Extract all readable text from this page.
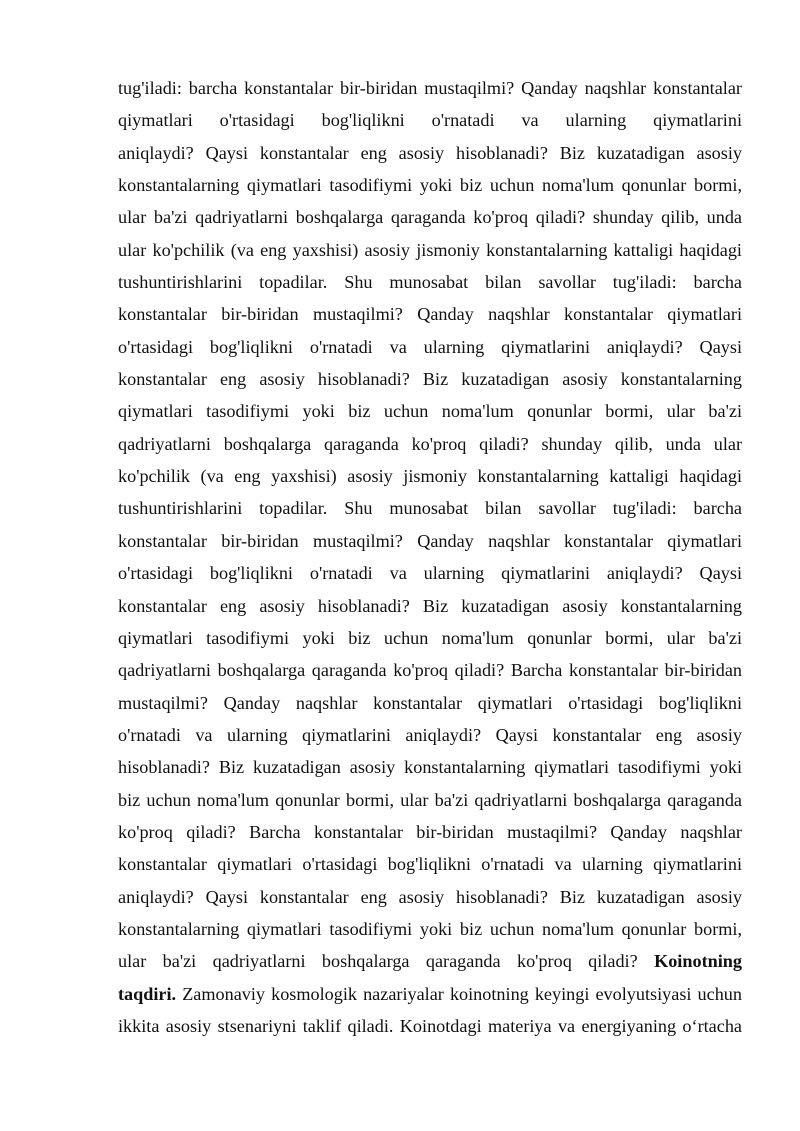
tug'iladi: barcha konstantalar bir-biridan mustaqilmi? Qanday naqshlar konstantalar
qiymatlari o'rtasidagi bog'liqlikni o'rnatadi va ularning qiymatlarini
aniqlaydi? Qaysi konstantalar eng asosiy hisoblanadi? Biz kuzatadigan asosiy
konstantalarning qiymatlari tasodifiymi yoki biz uchun noma'lum qonunlar bormi,
ular ba'zi qadriyatlarni boshqalarga qaraganda ko'proq qiladi? shunday qilib, unda
ular ko'pchilik (va eng yaxshisi) asosiy jismoniy konstantalarning kattaligi haqidagi
tushuntirishlarini topadilar. Shu munosabat bilan savollar tug'iladi: barcha
konstantalar bir-biridan mustaqilmi? Qanday naqshlar konstantalar qiymatlari
o'rtasidagi bog'liqlikni o'rnatadi va ularning qiymatlarini aniqlaydi? Qaysi
konstantalar eng asosiy hisoblanadi? Biz kuzatadigan asosiy konstantalarning
qiymatlari tasodifiymi yoki biz uchun noma'lum qonunlar bormi, ular ba'zi
qadriyatlarni boshqalarga qaraganda ko'proq qiladi? shunday qilib, unda ular
ko'pchilik (va eng yaxshisi) asosiy jismoniy konstantalarning kattaligi haqidagi
tushuntirishlarini topadilar. Shu munosabat bilan savollar tug'iladi: barcha
konstantalar bir-biridan mustaqilmi? Qanday naqshlar konstantalar qiymatlari
o'rtasidagi bog'liqlikni o'rnatadi va ularning qiymatlarini aniqlaydi? Qaysi
konstantalar eng asosiy hisoblanadi? Biz kuzatadigan asosiy konstantalarning
qiymatlari tasodifiymi yoki biz uchun noma'lum qonunlar bormi, ular ba'zi
qadriyatlarni boshqalarga qaraganda ko'proq qiladi? Barcha konstantalar bir-biridan
mustaqilmi? Qanday naqshlar konstantalar qiymatlari o'rtasidagi bog'liqlikni
o'rnatadi va ularning qiymatlarini aniqlaydi? Qaysi konstantalar eng asosiy
hisoblanadi? Biz kuzatadigan asosiy konstantalarning qiymatlari tasodifiymi yoki
biz uchun noma'lum qonunlar bormi, ular ba'zi qadriyatlarni boshqalarga qaraganda
ko'proq qiladi? Barcha konstantalar bir-biridan mustaqilmi? Qanday naqshlar
konstantalar qiymatlari o'rtasidagi bog'liqlikni o'rnatadi va ularning qiymatlarini
aniqlaydi? Qaysi konstantalar eng asosiy hisoblanadi? Biz kuzatadigan asosiy
konstantalarning qiymatlari tasodifiymi yoki biz uchun noma'lum qonunlar bormi,
ular ba'zi qadriyatlarni boshqalarga qaraganda ko'proq qiladi? Koinotning
taqdiri. Zamonaviy kosmologik nazariyalar koinotning keyingi evolyutsiyasi uchun
ikkita asosiy stsenariyni taklif qiladi. Koinotdagi materiya va energiyaning o‘rtacha
